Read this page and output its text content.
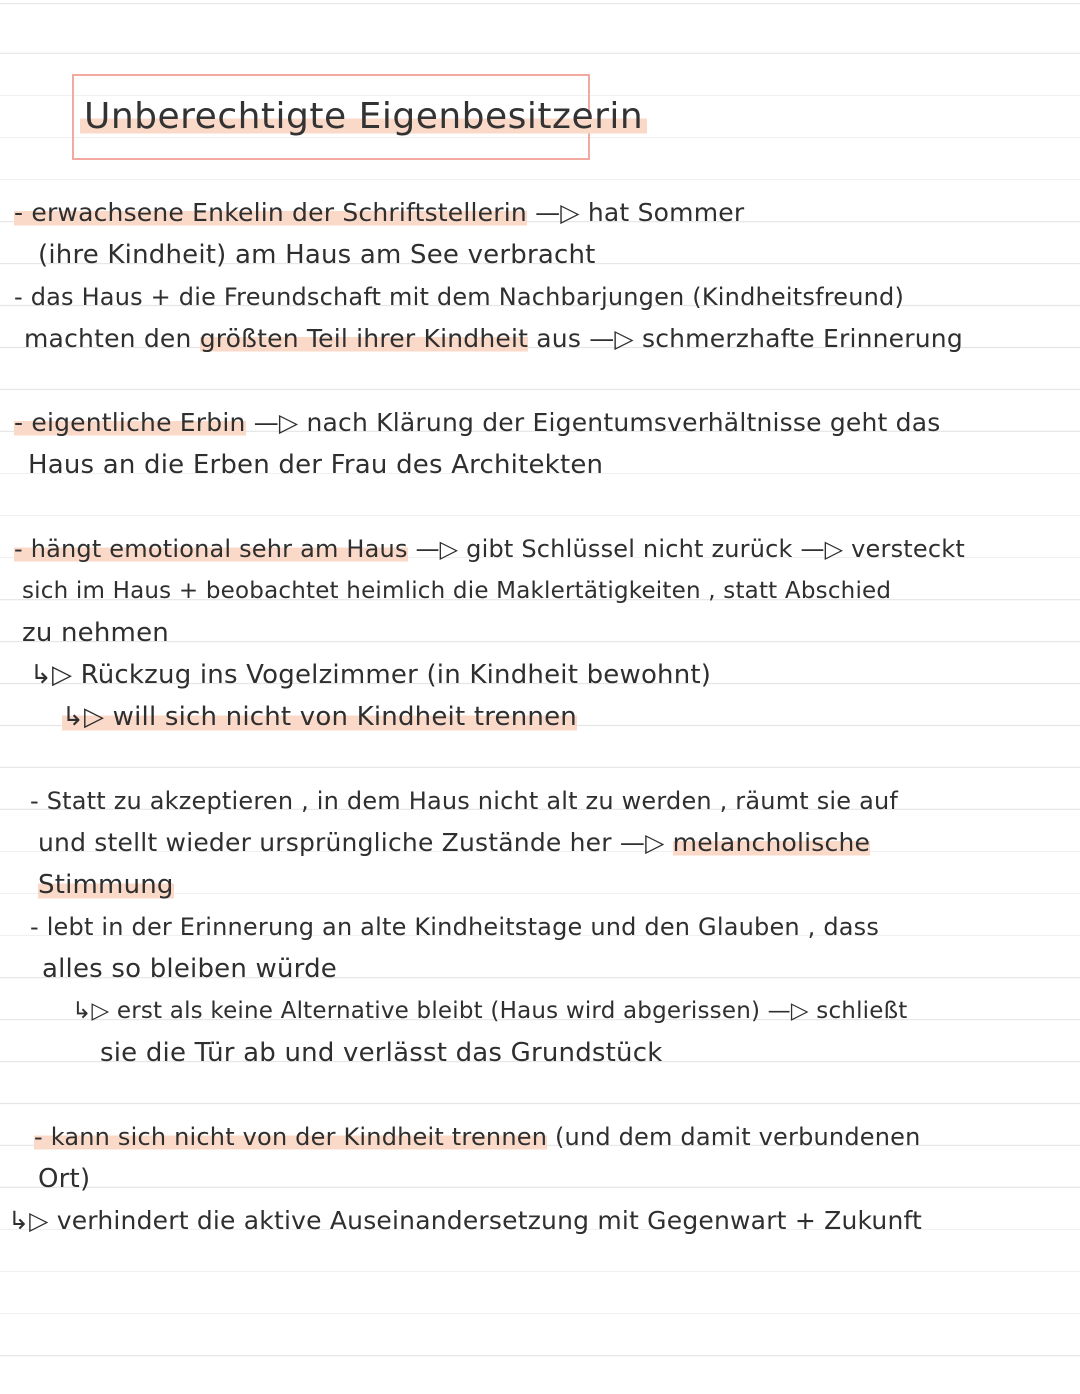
Unberechtigte Eigenbesitzerin
- erwachsene Enkelin der Schriftstellerin —▷ hat Sommer
(ihre Kindheit) am Haus am See verbracht
- das Haus + die Freundschaft mit dem Nachbarjungen (Kindheitsfreund)
machten den größten Teil ihrer Kindheit aus —▷ schmerzhafte Erinnerung
- eigentliche Erbin —▷ nach Klärung der Eigentumsverhältnisse geht das
Haus an die Erben der Frau des Architekten
- hängt emotional sehr am Haus —▷ gibt Schlüssel nicht zurück —▷ versteckt
sich im Haus + beobachtet heimlich die Maklertätigkeiten , statt Abschied
zu nehmen
↳▷ Rückzug ins Vogelzimmer (in Kindheit bewohnt)
↳▷ will sich nicht von Kindheit trennen
- Statt zu akzeptieren , in dem Haus nicht alt zu werden , räumt sie auf
und stellt wieder ursprüngliche Zustände her —▷ melancholische
Stimmung
- lebt in der Erinnerung an alte Kindheitstage und den Glauben , dass
alles so bleiben würde
↳▷ erst als keine Alternative bleibt (Haus wird abgerissen) —▷ schließt
sie die Tür ab und verlässt das Grundstück
- kann sich nicht von der Kindheit trennen (und dem damit verbundenen
Ort)
↳▷ verhindert die aktive Auseinandersetzung mit Gegenwart + Zukunft
